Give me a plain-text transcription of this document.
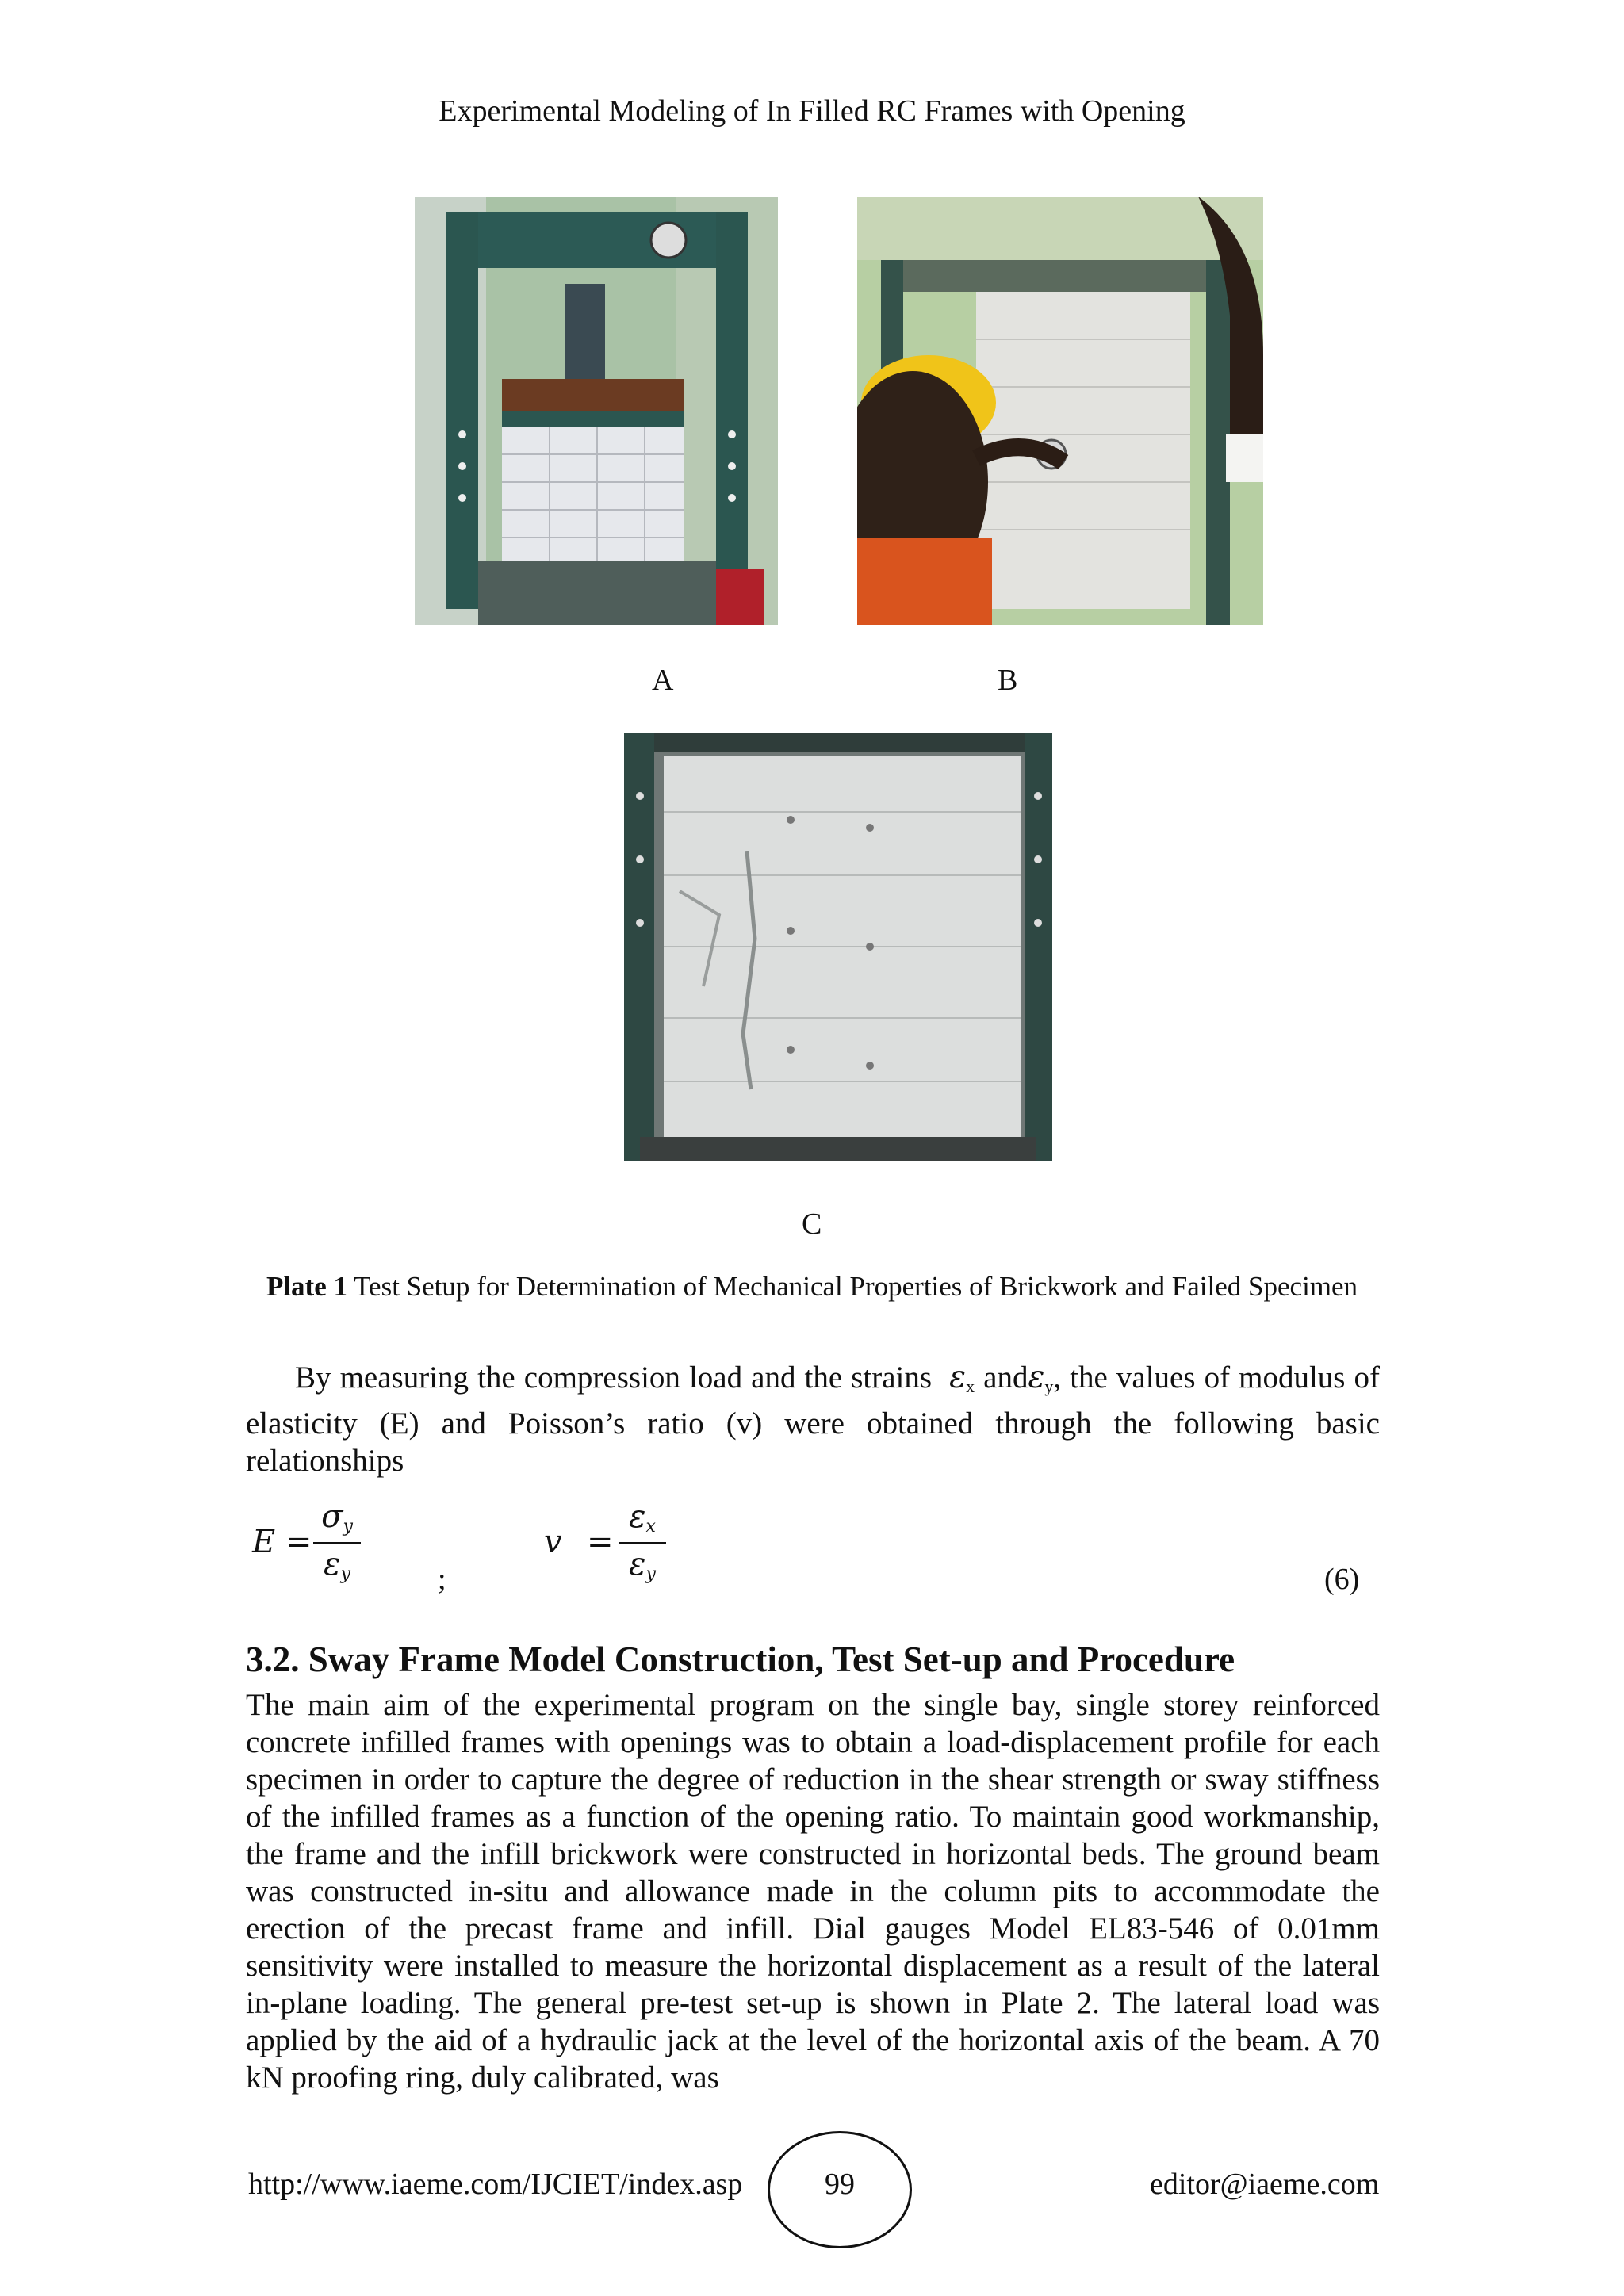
Experimental Modeling of In Filled RC Frames with Opening
A	B
C
Plate 1 Test Setup for Determination of Mechanical Properties of Brickwork and Failed Specimen
By measuring the compression load and the strains $\varepsilon_x$ andε$_y$, the values of modulus of elasticity (E) and Poisson’s ratio (v) were obtained through the following basic relationships
E =
$\sigma_y$
$\varepsilon_y$	;
v =
$\varepsilon_x$
$\varepsilon_y$	(6)
3.2. Sway Frame Model Construction, Test Set-up and Procedure
The main aim of the experimental program on the single bay, single storey reinforced concrete infilled frames with openings was to obtain a load-displacement profile for each specimen in order to capture the degree of reduction in the shear strength or sway stiffness of the infilled frames as a function of the opening ratio. To maintain good workmanship, the frame and the infill brickwork were constructed in horizontal beds. The ground beam was constructed in-situ and allowance made in the column pits to accommodate the erection of the precast frame and infill. Dial gauges Model EL83-546 of 0.01mm sensitivity were installed to measure the horizontal displacement as a result of the lateral in-plane loading. The general pre-test set-up is shown in Plate 2. The lateral load was applied by the aid of a hydraulic jack at the level of the horizontal axis of the beam. A 70 kN proofing ring, duly calibrated, was
http://www.iaeme.com/IJCIET/index.asp	99	editor@iaeme.com
